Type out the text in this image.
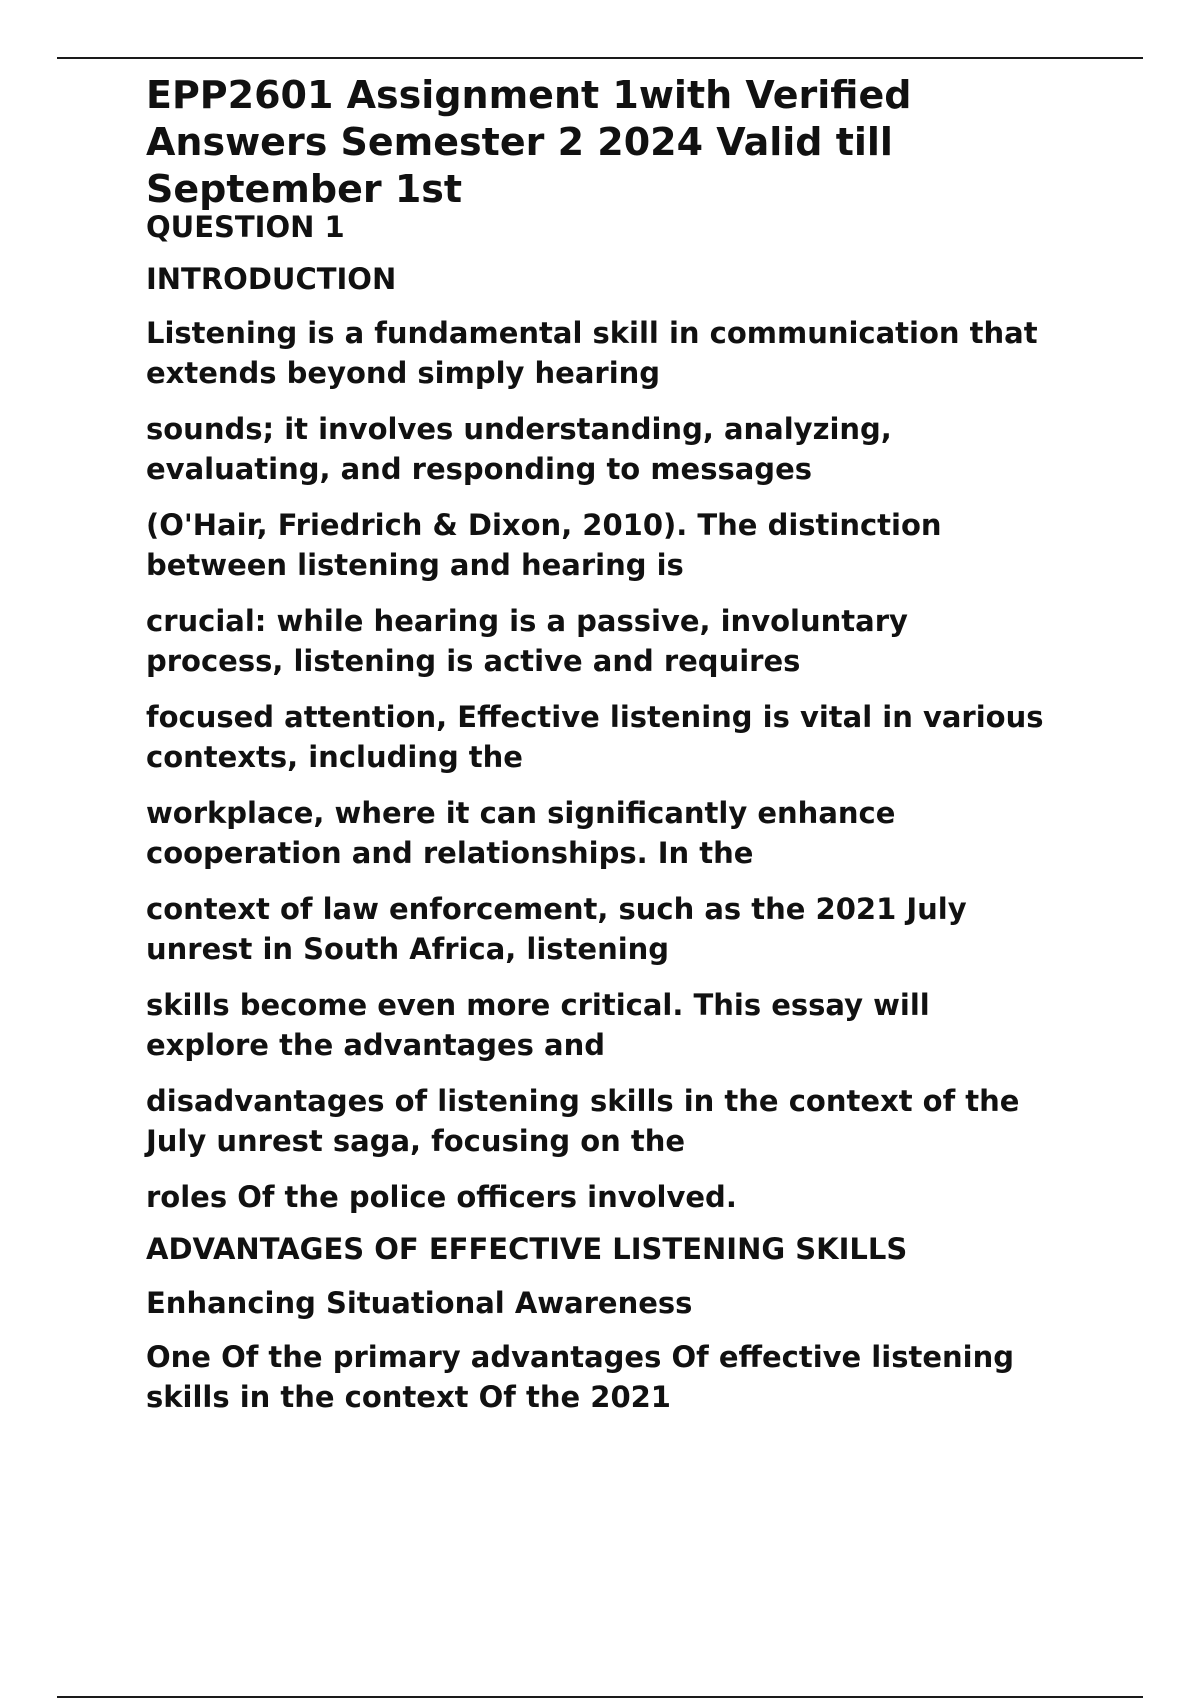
EPP2601 Assignment 1with Verified
Answers Semester 2 2024 Valid till
September 1st

QUESTION 1

INTRODUCTION

Listening is a fundamental skill in communication that
extends beyond simply hearing

sounds; it involves understanding, analyzing,
evaluating, and responding to messages

(O'Hair, Friedrich & Dixon, 2010). The distinction
between listening and hearing is

crucial: while hearing is a passive, involuntary
process, listening is active and requires

focused attention, Effective listening is vital in various
contexts, including the

workplace, where it can significantly enhance
cooperation and relationships. In the

context of law enforcement, such as the 2021 July
unrest in South Africa, listening

skills become even more critical. This essay will
explore the advantages and

disadvantages of listening skills in the context of the
July unrest saga, focusing on the

roles Of the police officers involved.

ADVANTAGES OF EFFECTIVE LISTENING SKILLS

Enhancing Situational Awareness

One Of the primary advantages Of effective listening
skills in the context Of the 2021
